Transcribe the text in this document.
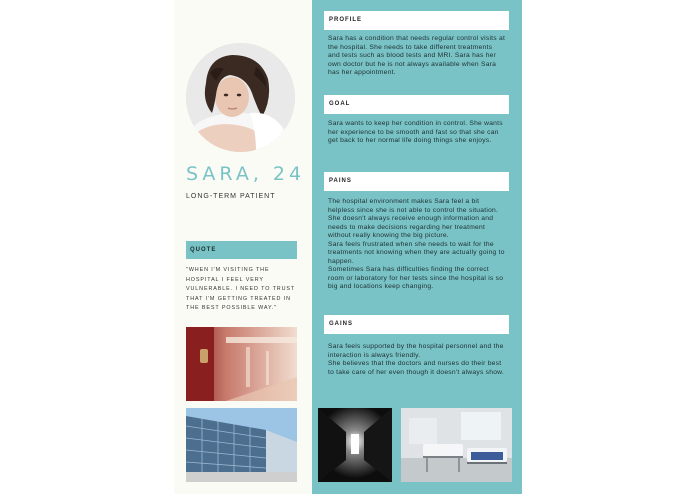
SARA, 24
LONG-TERM PATIENT
QUOTE
"WHEN I'M VISITING THE HOSPITAL I FEEL VERY VULNERABLE. I NEED TO TRUST THAT I'M GETTING TREATED IN THE BEST POSSIBLE WAY."
PROFILE

Sara has a condition that needs regular control visits at the hospital. She needs to take different treatments and tests such as blood tests and MRI. Sara has her own doctor but he is not always available when Sara has her appointment.

GOAL

Sara wants to keep her condition in control. She wants her experience to be smooth and fast so that she can get back to her normal life doing things she enjoys.

PAINS

The hospital environment makes Sara feel a bit helpless since she is not able to control the situation. She doesn't always receive enough information and needs to make decisions regarding her treatment without really knowing the big picture.

Sara feels frustrated when she needs to wait for the treatments not knowing when they are actually going to happen.

Sometimes Sara has difficulties finding the correct room or laboratory for her tests since the hospital is so big and locations keep changing.

GAINS

Sara feels supported by the hospital personnel and the interaction is always friendly.

She believes that the doctors and nurses do their best to take care of her even though it doesn't always show.
